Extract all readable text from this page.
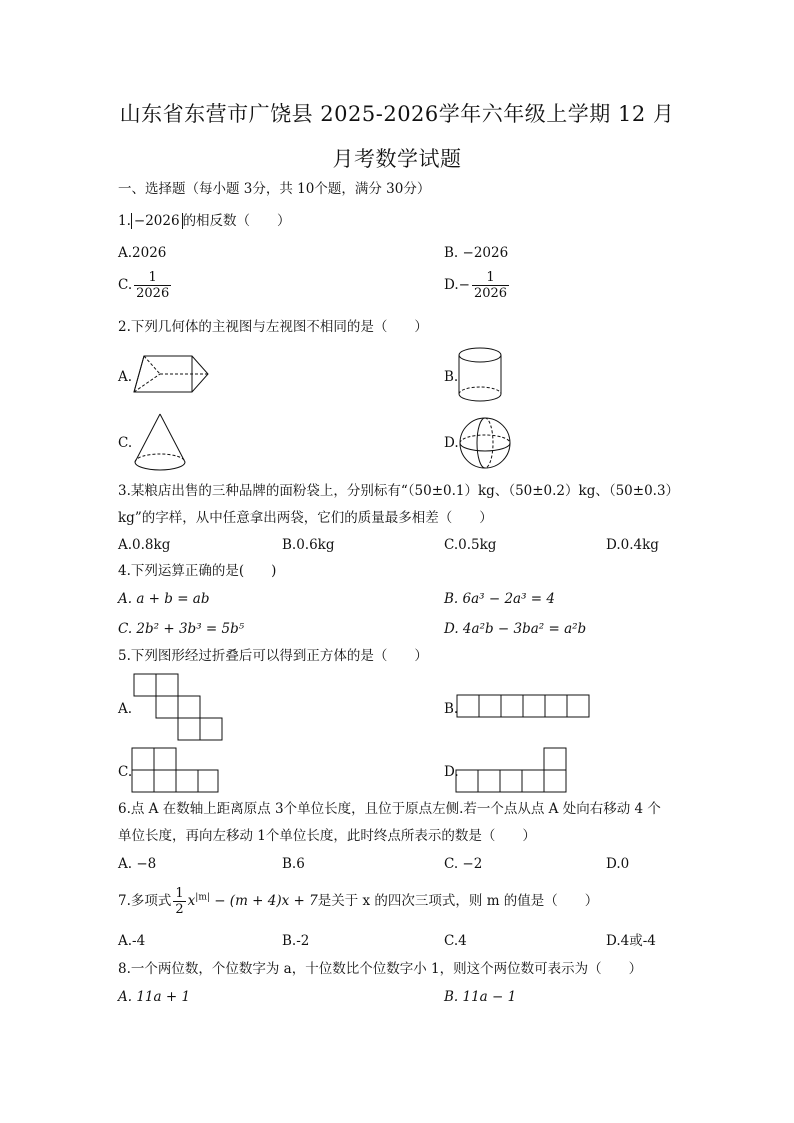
山东省东营市广饶县 2025-2026学年六年级上学期 12 月
月考数学试题
一、选择题（每小题 3分，共 10个题，满分 30分）
1. −2026 的相反数（　　）
A.2026	B. −2026
C. $\frac{1}{2026}$	$D.- \frac{1}{2026}$
2.下列几何体的主视图与左视图不相同的是（　　）
A.	B.
C.	D.
3.某粮店出售的三种品牌的面粉袋上，分别标有“（50±0.1）kg、（50±0.2）kg、（50±0.3）
kg”的字样，从中任意拿出两袋，它们的质量最多相差（　　）
A.0.8kg	B.0.6kg	C.0.5kg	D.0.4kg
4.下列运算正确的是(　　)
A. a + b = ab	B. 6a³ − 2a³ = 4
C. 2b² + 3b³ = 5b⁵	D. 4a²b − 3ba² = a²b
5.下列图形经过折叠后可以得到正方体的是（　　）
A.	B.
C.	D.
6.点 A 在数轴上距离原点 3个单位长度，且位于原点左侧.若一个点从点 A 处向右移动 4 个
单位长度，再向左移动 1个单位长度，此时终点所表示的数是（　　）
A. −8	B.6	C. −2	D.0
7.多项式 $\frac{1}{2} x^{|m|} - (m + 4)x + 7$是关于 x 的四次三项式，则 m 的值是（　　）
A.-4	B.-2	C.4	D.4或-4
8.一个两位数，个位数字为 a，十位数比个位数字小 1，则这个两位数可表示为（　　）
A. 11a + 1	B. 11a − 1
